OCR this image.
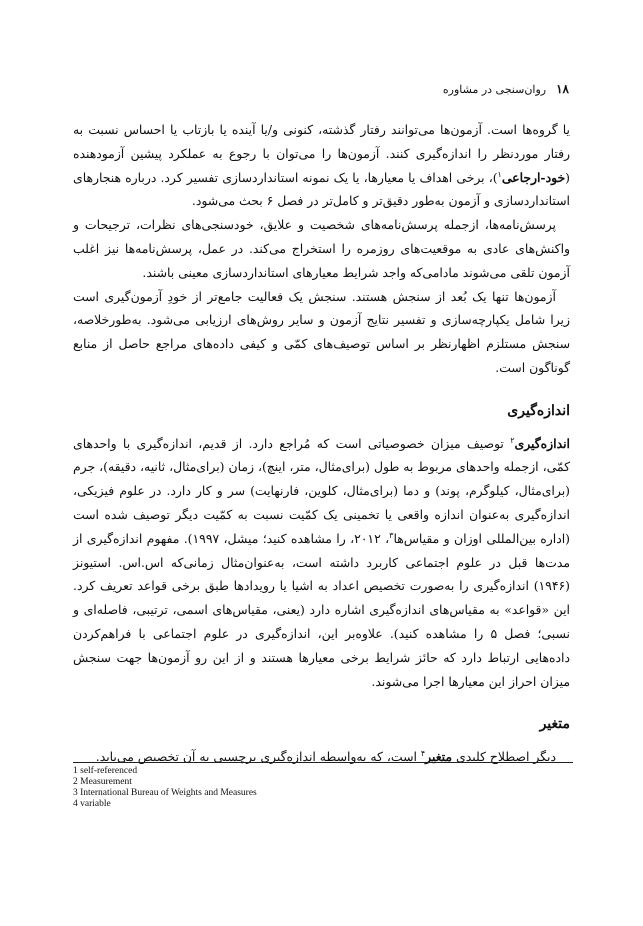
۱۸
روان‌سنجی در مشاوره

یا گروه‌ها است. آزمون‌ها می‌توانند رفتار گذشته، کنونی و/یا آینده یا بازتاب یا احساس نسبت به رفتار موردنظر را اندازه‌گیری کنند. آزمون‌ها را می‌توان با رجوع به عملکرد پیشین آزمودهنده (خود-ارجاعی$^۱$)، برخی اهداف یا معیارها، یا یک نمونه استانداردسازی تفسیر کرد. درباره هنجارهای استانداردسازی و آزمون به‌طور دقیق‌تر و کامل‌تر در فصل ۶ بحث می‌شود.

پرسش‌نامه‌ها، ازجمله پرسش‌نامه‌های شخصیت و علایق، خودسنجی‌های نظرات، ترجیحات و واکنش‌های عادی به موقعیت‌های روزمره را استخراج می‌کند. در عمل، پرسش‌نامه‌ها نیز اغلب آزمون تلقی می‌شوند مادامی‌که واجد شرایط معیارهای استانداردسازی معینی باشند.

آزمون‌ها تنها یک بُعد از سنجش هستند. سنجش یک فعالیت جامع‌تر از خودِ آزمون‌گیری است زیرا شامل یکپارچه‌سازی و تفسیر نتایج آزمون و سایر روش‌های ارزیابی می‌شود. به‌طورخلاصه، سنجش مستلزم اظهارنظر بر اساس توصیف‌های کمّی و کیفی داده‌های مراجع حاصل از منابع گوناگون است.

اندازه‌گیری

اندازه‌گیری$^۲$ توصیف میزان خصوصیاتی است که مُراجع دارد. از قدیم، اندازه‌گیری با واحدهای کمّی، ازجمله واحدهای مربوط به طول (برای‌مثال، متر، اینچ)، زمان (برای‌مثال، ثانیه، دقیقه)، جرم (برای‌مثال، کیلوگرم، پوند) و دما (برای‌مثال، کلوین، فارنهایت) سر و کار دارد. در علوم فیزیکی، اندازه‌گیری به‌عنوان اندازه واقعی یا تخمینی یک کمّیت نسبت به کمّیت دیگر توصیف شده است (اداره بین‌المللی اوزان و مقیاس‌ها$^۳$، ۲۰۱۲، را مشاهده کنید؛ میشل، ۱۹۹۷). مفهوم اندازه‌گیری از مدت‌ها قبل در علوم اجتماعی کاربرد داشته است، به‌عنوان‌مثال زمانی‌که اس.اس. استیونز (۱۹۴۶) اندازه‌گیری را به‌صورت تخصیص اعداد به اشیا یا رویدادها طبق برخی قواعد تعریف کرد. این «قواعد» به مقیاس‌های اندازه‌گیری اشاره دارد (یعنی، مقیاس‌های اسمی، ترتیبی، فاصله‌ای و نسبی؛ فصل ۵ را مشاهده کنید). علاوه‌بر این، اندازه‌گیری در علوم اجتماعی با فراهم‌کردن داده‌هایی ارتباط دارد که حائز شرایط برخی معیارها هستند و از این رو آزمون‌ها جهت سنجش میزان احراز این معیارها اجرا می‌شوند.

متغیر

دیگر اصطلاح کلیدی متغیر$^۴$ است، که به‌واسطه اندازه‌گیری برچسبی به آن تخصیص می‌یابد.

1 self-referenced
2 Measurement
3 International Bureau of Weights and Measures
4 variable
